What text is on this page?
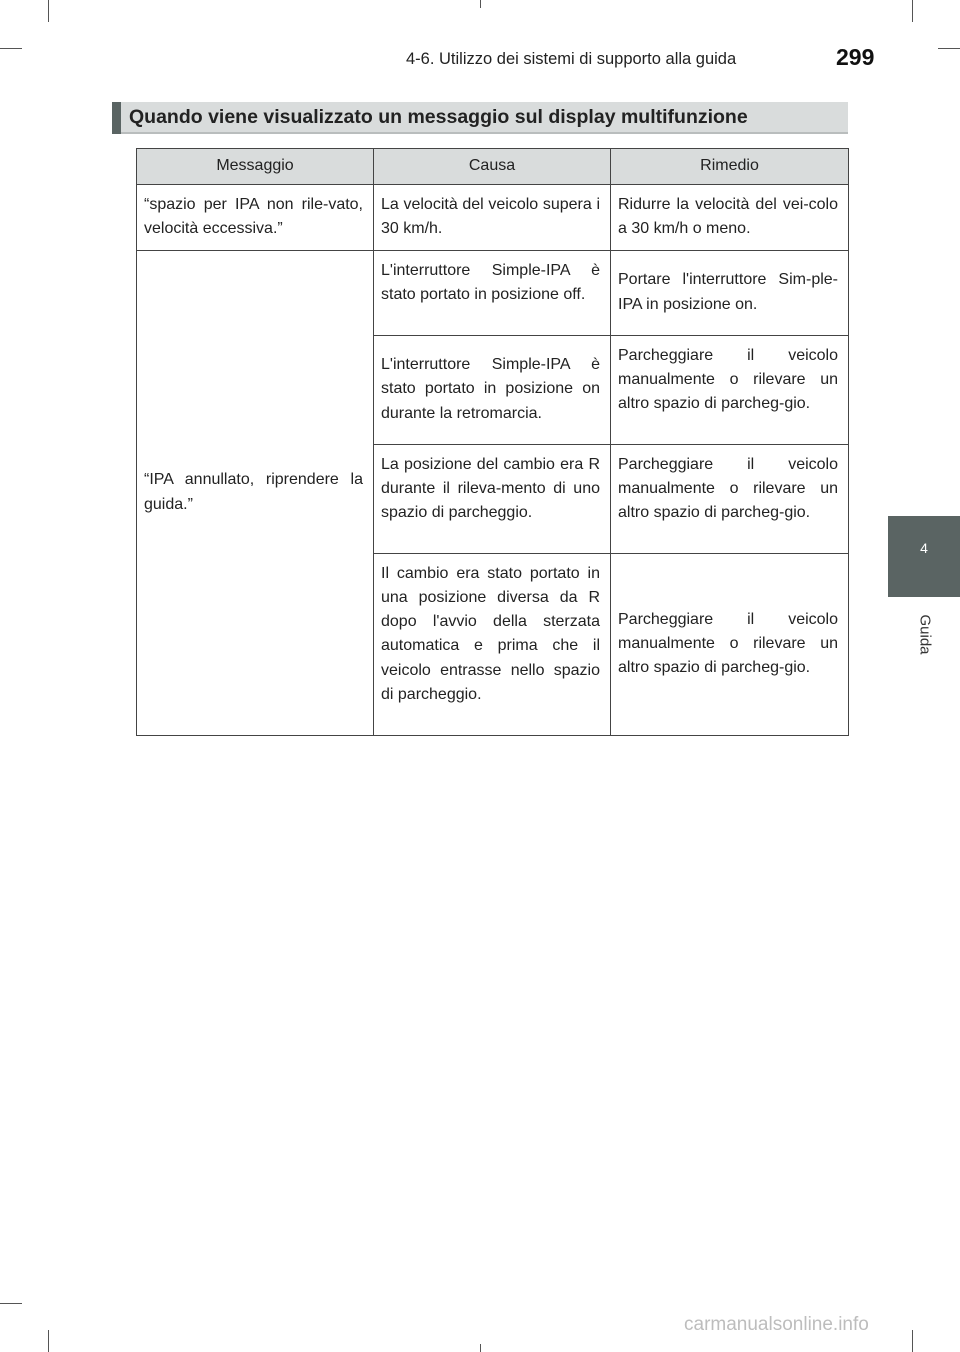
4-6. Utilizzo dei sistemi di supporto alla guida	299
Quando viene visualizzato un messaggio sul display multifunzione
Messaggio	Causa	Rimedio
“spazio per IPA non rile-vato, velocità eccessiva.”	La velocità del veicolo supera i 30 km/h.	Ridurre la velocità del vei-colo a 30 km/h o meno.
“IPA annullato, riprendere la guida.”	L'interruttore Simple-IPA è stato portato in posizione off.	Portare l'interruttore Sim-ple-IPA in posizione on.
	L'interruttore Simple-IPA è stato portato in posizione on durante la retromarcia.	Parcheggiare il veicolo manualmente o rilevare un altro spazio di parcheg-gio.
	La posizione del cambio era R durante il rileva-mento di uno spazio di parcheggio.	Parcheggiare il veicolo manualmente o rilevare un altro spazio di parcheg-gio.
	Il cambio era stato portato in una posizione diversa da R dopo l'avvio della sterzata automatica e prima che il veicolo entrasse nello spazio di parcheggio.	Parcheggiare il veicolo manualmente o rilevare un altro spazio di parcheg-gio.
4
Guida
carmanualsonline.info
